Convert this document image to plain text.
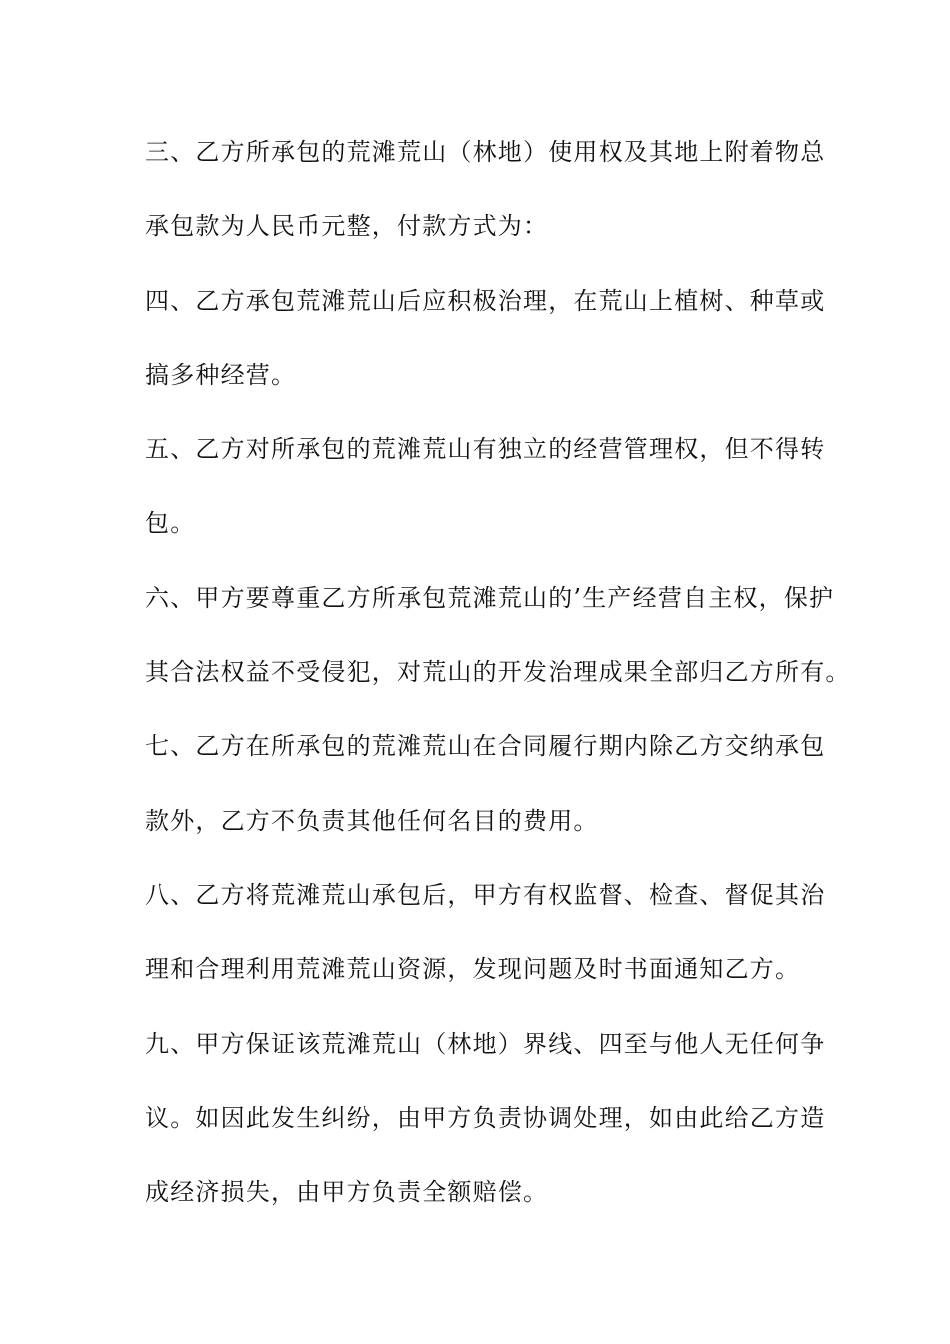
三、乙方所承包的荒滩荒山（林地）使用权及其地上附着物总
承包款为人民币元整，付款方式为：
四、乙方承包荒滩荒山后应积极治理，在荒山上植树、种草或
搞多种经营。
五、乙方对所承包的荒滩荒山有独立的经营管理权，但不得转
包。
六、甲方要尊重乙方所承包荒滩荒山的’生产经营自主权，保护
其合法权益不受侵犯，对荒山的开发治理成果全部归乙方所有。
七、乙方在所承包的荒滩荒山在合同履行期内除乙方交纳承包
款外，乙方不负责其他任何名目的费用。
八、乙方将荒滩荒山承包后，甲方有权监督、检查、督促其治
理和合理利用荒滩荒山资源，发现问题及时书面通知乙方。
九、甲方保证该荒滩荒山（林地）界线、四至与他人无任何争
议。如因此发生纠纷，由甲方负责协调处理，如由此给乙方造
成经济损失，由甲方负责全额赔偿。
